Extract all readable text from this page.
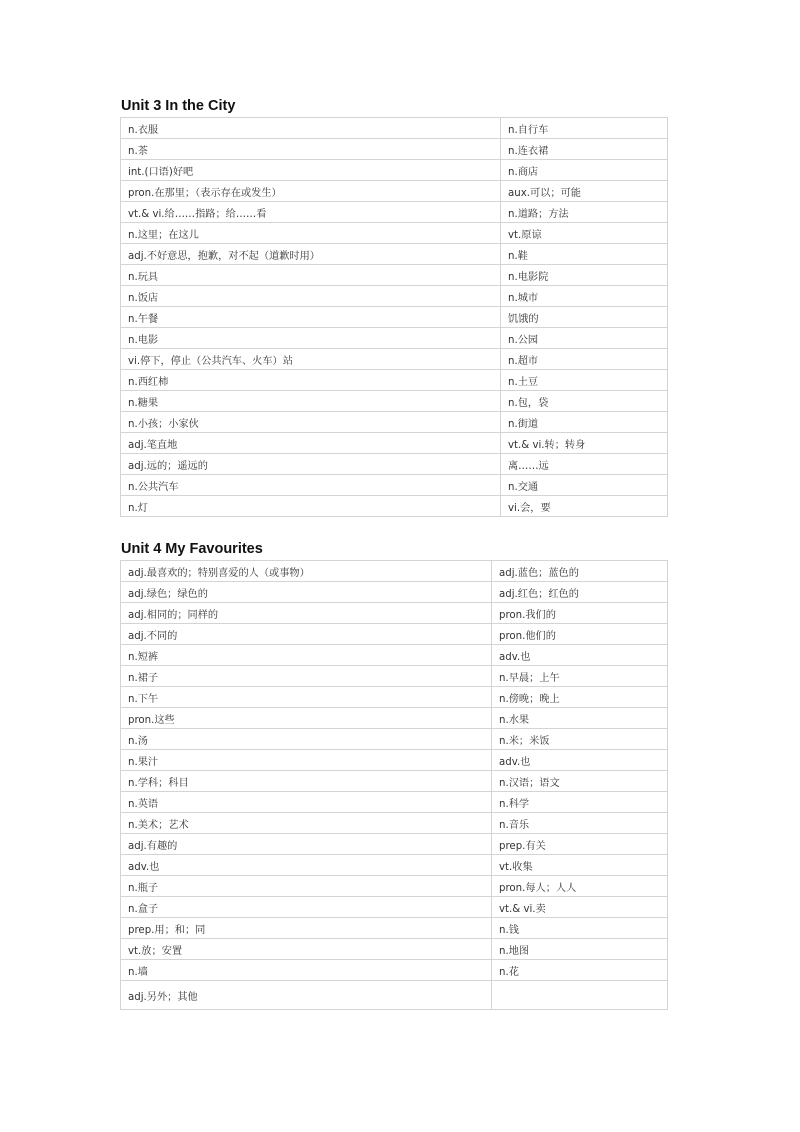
Unit 3 In the City
n.衣服	n.自行车
n.茶	n.连衣裙
int.(口语)好吧	n.商店
pron.在那里；（表示存在或发生）	aux.可以；可能
vt.& vi.给……指路；给……看	n.道路；方法
n.这里；在这儿	vt.原谅
adj.不好意思，抱歉，对不起（道歉时用）	n.鞋
n.玩具	n.电影院
n.饭店	n.城市
n.午餐	饥饿的
n.电影	n.公园
vi.停下，停止（公共汽车、火车）站	n.超市
n.西红柿	n.土豆
n.糖果	n.包，袋
n.小孩；小家伙	n.街道
adj.笔直地	vt.& vi.转；转身
adj.远的；遥远的	离……远
n.公共汽车	n.交通
n.灯	vi.会，要
Unit 4 My Favourites
adj.最喜欢的；特别喜爱的人（或事物）	adj.蓝色；蓝色的
adj.绿色；绿色的	adj.红色；红色的
adj.相同的；同样的	pron.我们的
adj.不同的	pron.他们的
n.短裤	adv.也
n.裙子	n.早晨；上午
n.下午	n.傍晚；晚上
pron.这些	n.水果
n.汤	n.米；米饭
n.果汁	adv.也
n.学科；科目	n.汉语；语文
n.英语	n.科学
n.美术；艺术	n.音乐
adj.有趣的	prep.有关
adv.也	vt.收集
n.瓶子	pron.每人；人人
n.盒子	vt.& vi.卖
prep.用；和；同	n.钱
vt.放；安置	n.地图
n.墙	n.花
adj.另外；其他	
